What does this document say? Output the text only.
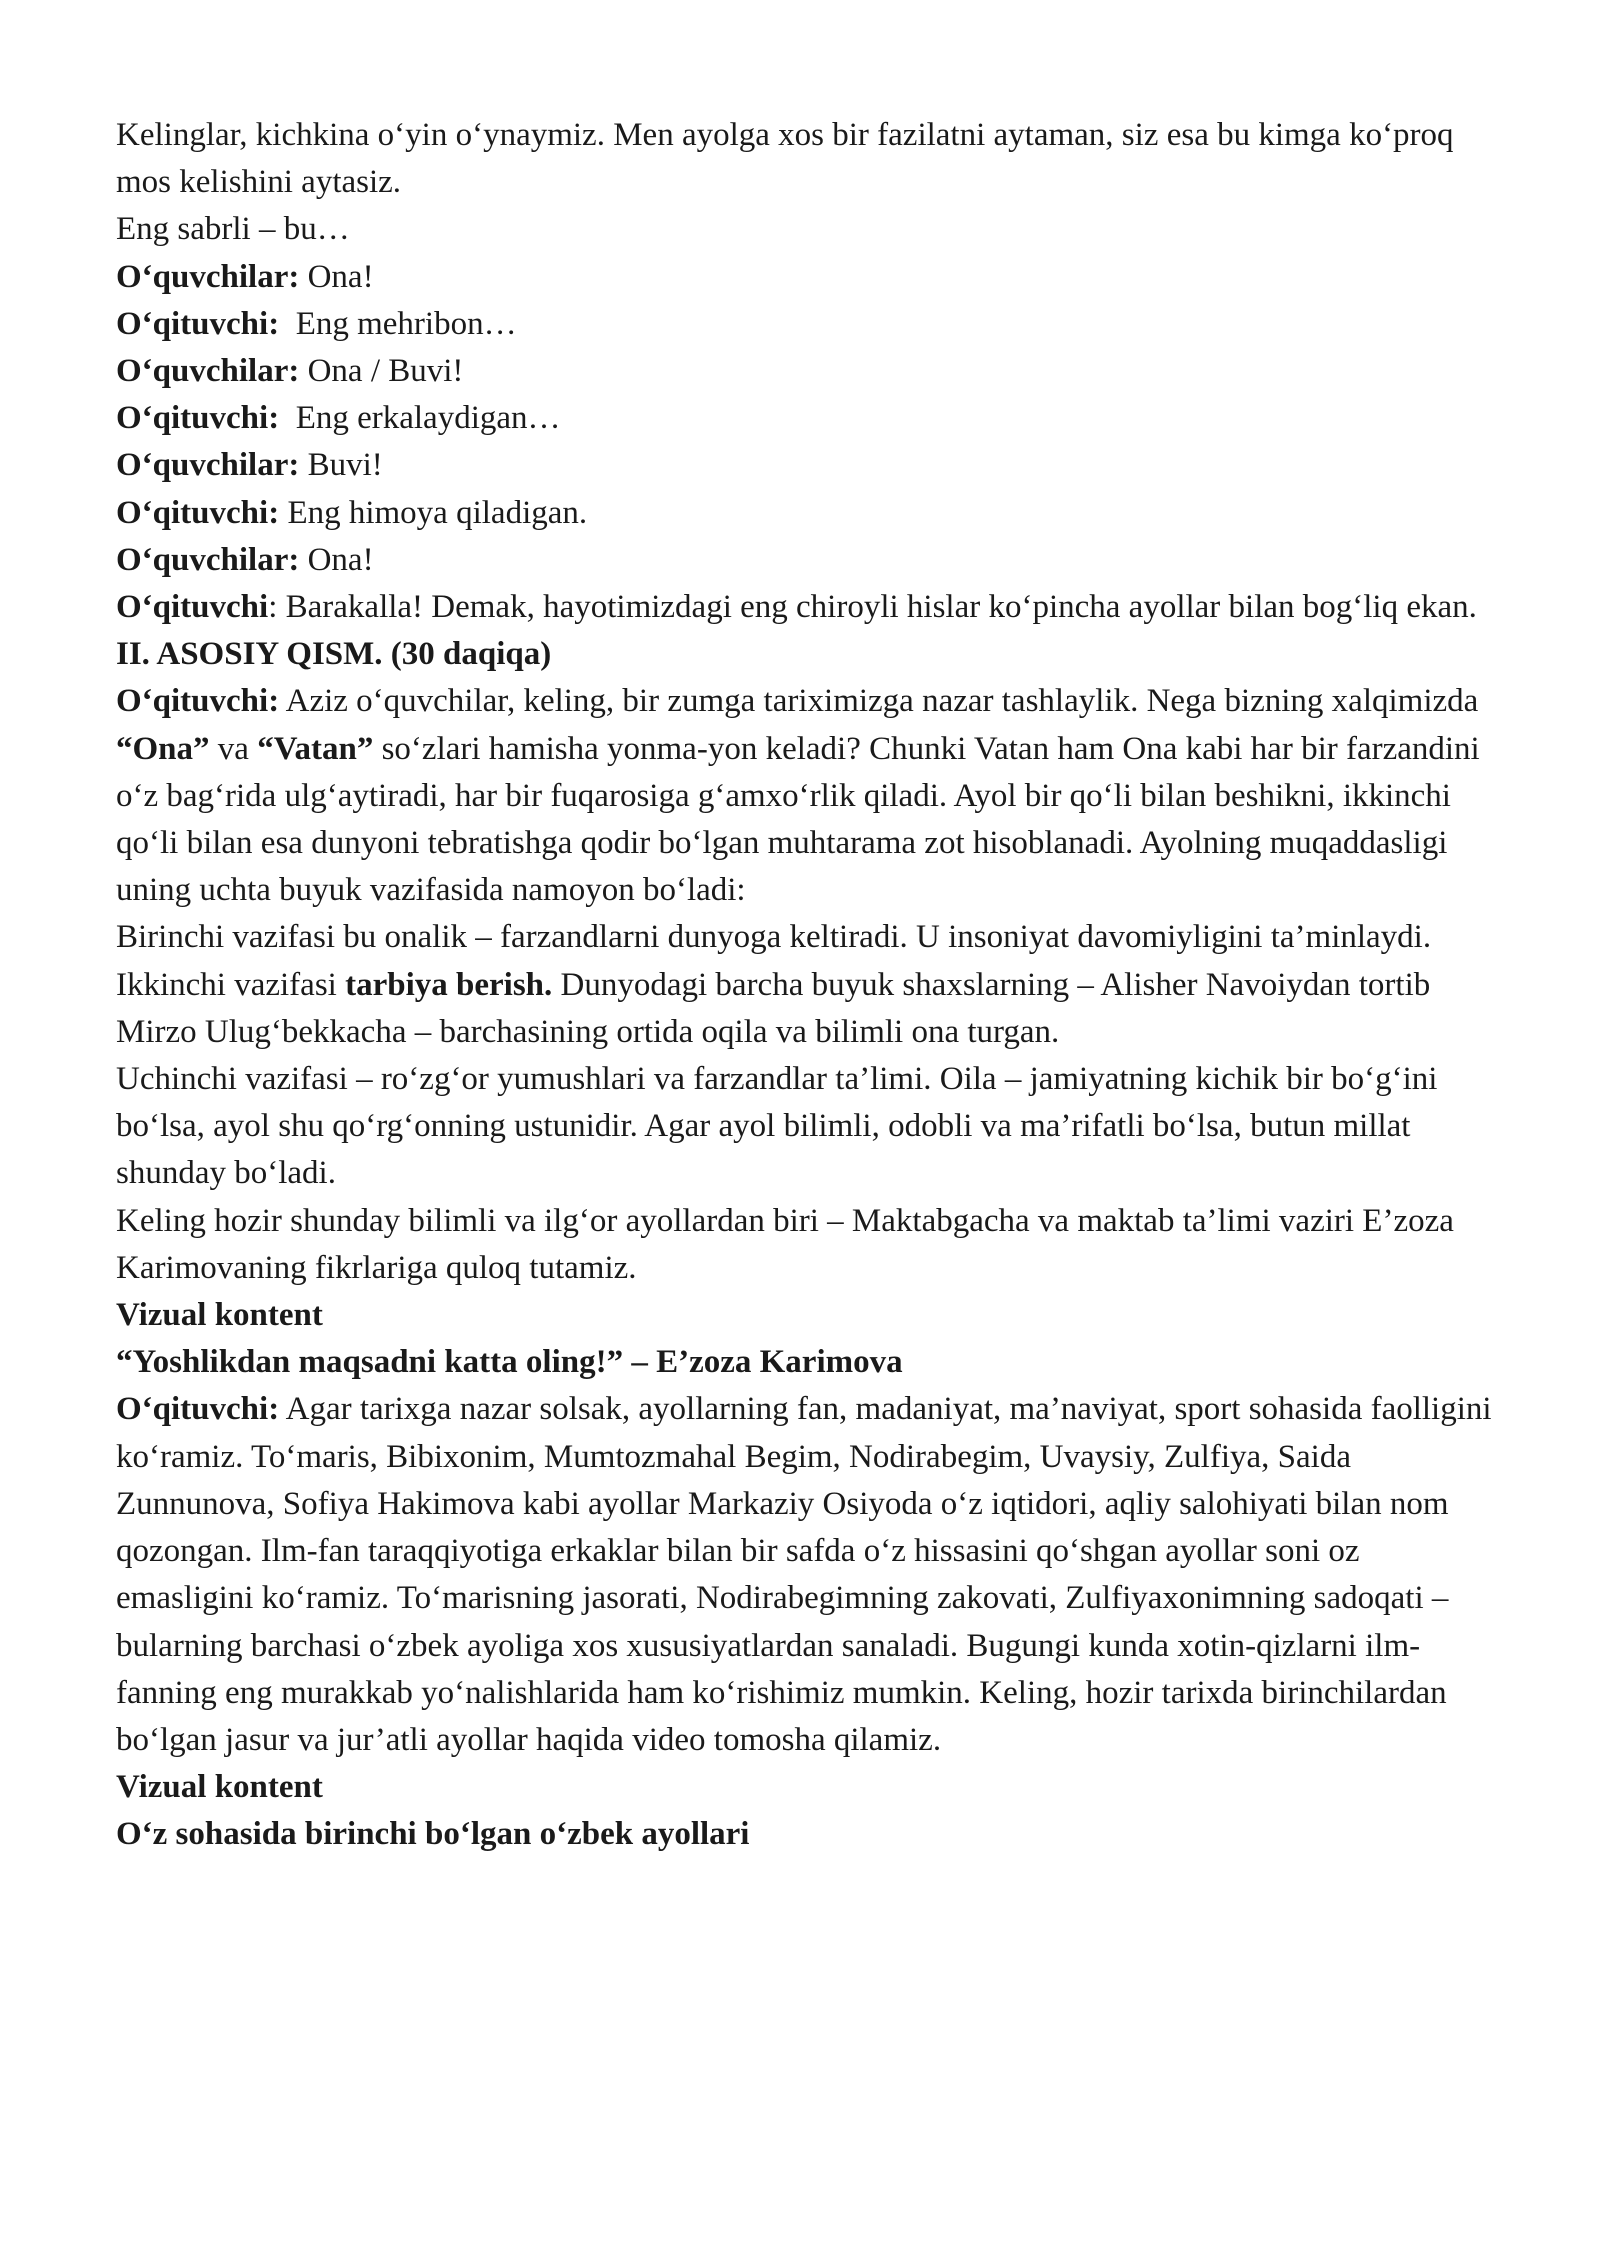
Kelinglar, kichkina o‘yin o‘ynaymiz. Men ayolga xos bir fazilatni aytaman, siz esa bu kimga ko‘proq mos kelishini aytasiz.

Eng sabrli – bu…

O‘quvchilar: Ona!

O‘qituvchi:  Eng mehribon…

O‘quvchilar: Ona / Buvi!

O‘qituvchi:  Eng erkalaydigan…

O‘quvchilar: Buvi!

O‘qituvchi: Eng himoya qiladigan.

O‘quvchilar: Ona!

O‘qituvchi: Barakalla! Demak, hayotimizdagi eng chiroyli hislar ko‘pincha ayollar bilan bog‘liq ekan.

II. ASOSIY QISM. (30 daqiqa)

O‘qituvchi: Aziz o‘quvchilar, keling, bir zumga tariximizga nazar tashlaylik. Nega bizning xalqimizda “Ona” va “Vatan” so‘zlari hamisha yonma-yon keladi? Chunki Vatan ham Ona kabi har bir farzandini o‘z bag‘rida ulg‘aytiradi, har bir fuqarosiga g‘amxo‘rlik qiladi. Ayol bir qo‘li bilan beshikni, ikkinchi qo‘li bilan esa dunyoni tebratishga qodir bo‘lgan muhtarama zot hisoblanadi. Ayolning muqaddasligi uning uchta buyuk vazifasida namoyon bo‘ladi:

Birinchi vazifasi bu onalik – farzandlarni dunyoga keltiradi. U insoniyat davomiyligini ta’minlaydi.

Ikkinchi vazifasi tarbiya berish. Dunyodagi barcha buyuk shaxslarning – Alisher Navoiydan tortib Mirzo Ulug‘bekkacha – barchasining ortida oqila va bilimli ona turgan.

Uchinchi vazifasi – ro‘zg‘or yumushlari va farzandlar ta’limi. Oila – jamiyatning kichik bir bo‘g‘ini bo‘lsa, ayol shu qo‘rg‘onning ustunidir. Agar ayol bilimli, odobli va ma’rifatli bo‘lsa, butun millat shunday bo‘ladi.

Keling hozir shunday bilimli va ilg‘or ayollardan biri – Maktabgacha va maktab ta’limi vaziri E’zoza Karimovaning fikrlariga quloq tutamiz.

Vizual kontent

“Yoshlikdan maqsadni katta oling!” – E’zoza Karimova

O‘qituvchi: Agar tarixga nazar solsak, ayollarning fan, madaniyat, ma’naviyat, sport sohasida faolligini ko‘ramiz. To‘maris, Bibixonim, Mumtozmahal Begim, Nodirabegim, Uvaysiy, Zulfiya, Saida Zunnunova, Sofiya Hakimova kabi ayollar Markaziy Osiyoda o‘z iqtidori, aqliy salohiyati bilan nom qozongan. Ilm-fan taraqqiyotiga erkaklar bilan bir safda o‘z hissasini qo‘shgan ayollar soni oz emasligini ko‘ramiz. To‘marisning jasorati, Nodirabegimning zakovati, Zulfiyaxonimning sadoqati – bularning barchasi o‘zbek ayoliga xos xususiyatlardan sanaladi. Bugungi kunda xotin-qizlarni ilm-fanning eng murakkab yo‘nalishlarida ham ko‘rishimiz mumkin. Keling, hozir tarixda birinchilardan bo‘lgan jasur va jur’atli ayollar haqida video tomosha qilamiz.

Vizual kontent

O‘z sohasida birinchi bo‘lgan o‘zbek ayollari
